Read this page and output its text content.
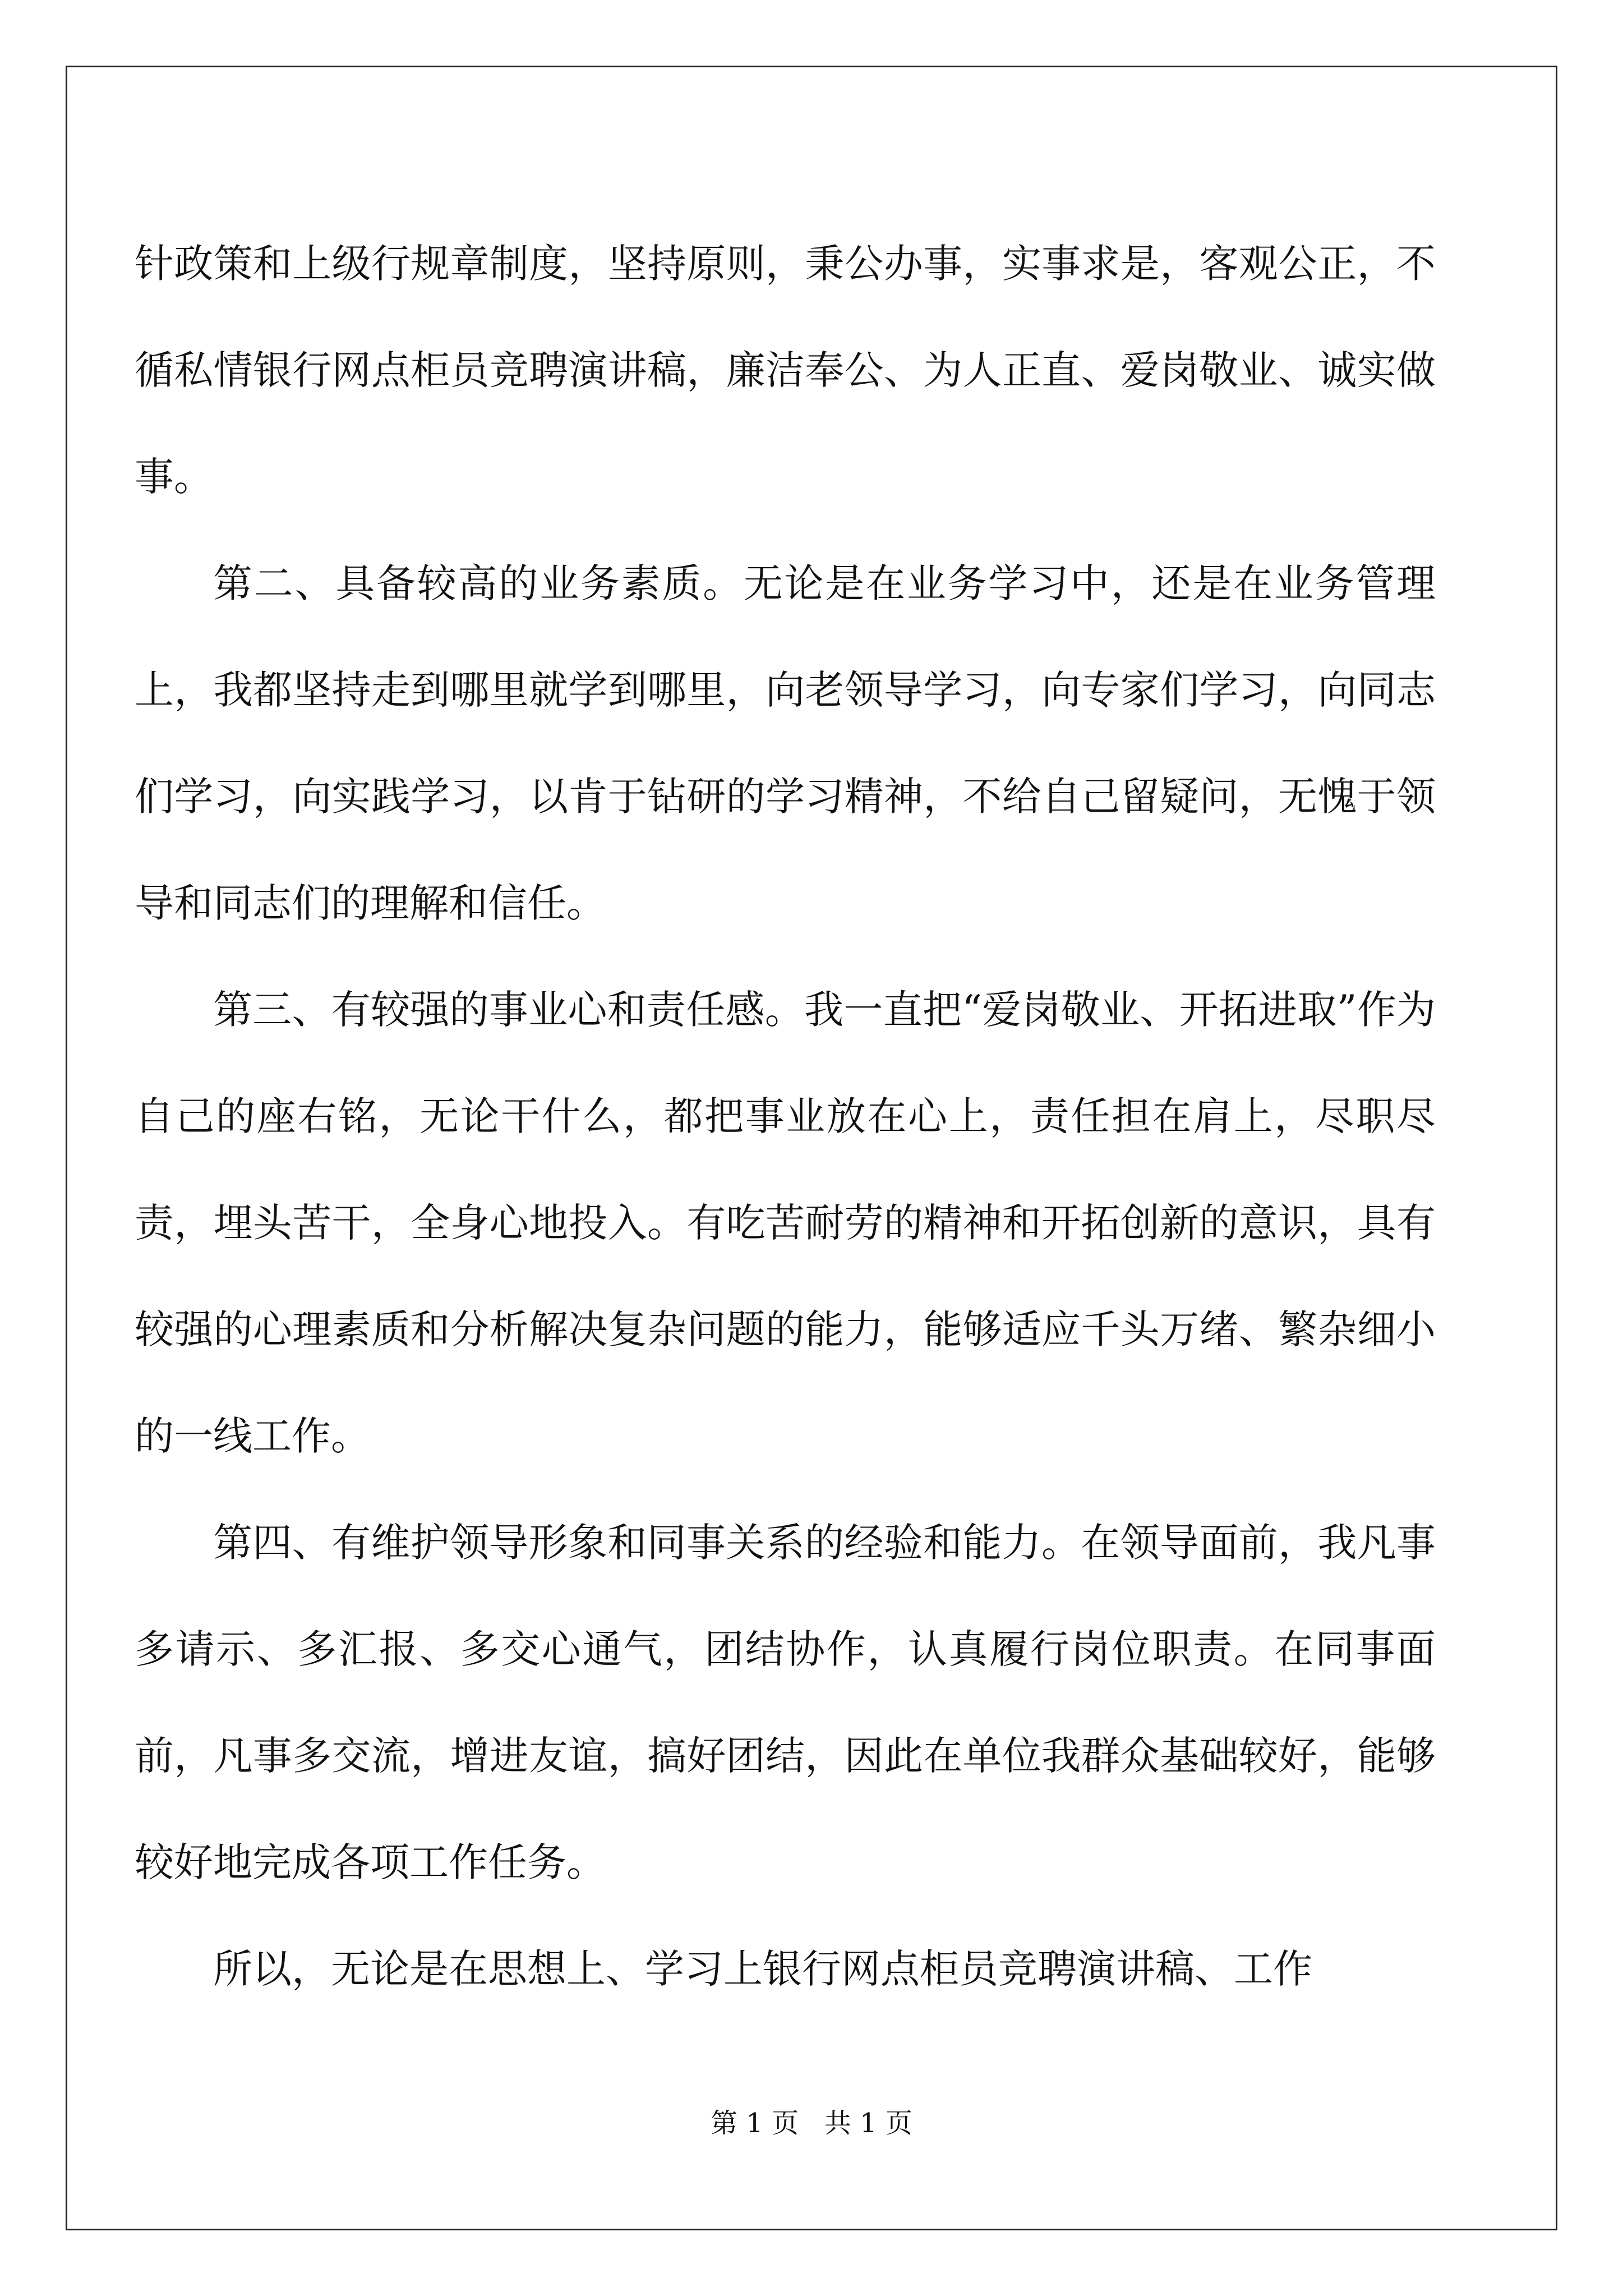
针政策和上级行规章制度，坚持原则，秉公办事，实事求是，客观公正，不循私情银行网点柜员竞聘演讲稿，廉洁奉公、为人正直、爱岗敬业、诚实做事。

第二、具备较高的业务素质。无论是在业务学习中，还是在业务管理上，我都坚持走到哪里就学到哪里，向老领导学习，向专家们学习，向同志们学习，向实践学习，以肯于钻研的学习精神，不给自己留疑问，无愧于领导和同志们的理解和信任。

第三、有较强的事业心和责任感。我一直把“爱岗敬业、开拓进取”作为自己的座右铭，无论干什么，都把事业放在心上，责任担在肩上，尽职尽责，埋头苦干，全身心地投入。有吃苦耐劳的精神和开拓创新的意识，具有较强的心理素质和分析解决复杂问题的能力，能够适应千头万绪、繁杂细小的一线工作。

第四、有维护领导形象和同事关系的经验和能力。在领导面前，我凡事多请示、多汇报、多交心通气，团结协作，认真履行岗位职责。在同事面前，凡事多交流，增进友谊，搞好团结，因此在单位我群众基础较好，能够较好地完成各项工作任务。

所以，无论是在思想上、学习上银行网点柜员竞聘演讲稿、工作

第 1 页   共 1 页
